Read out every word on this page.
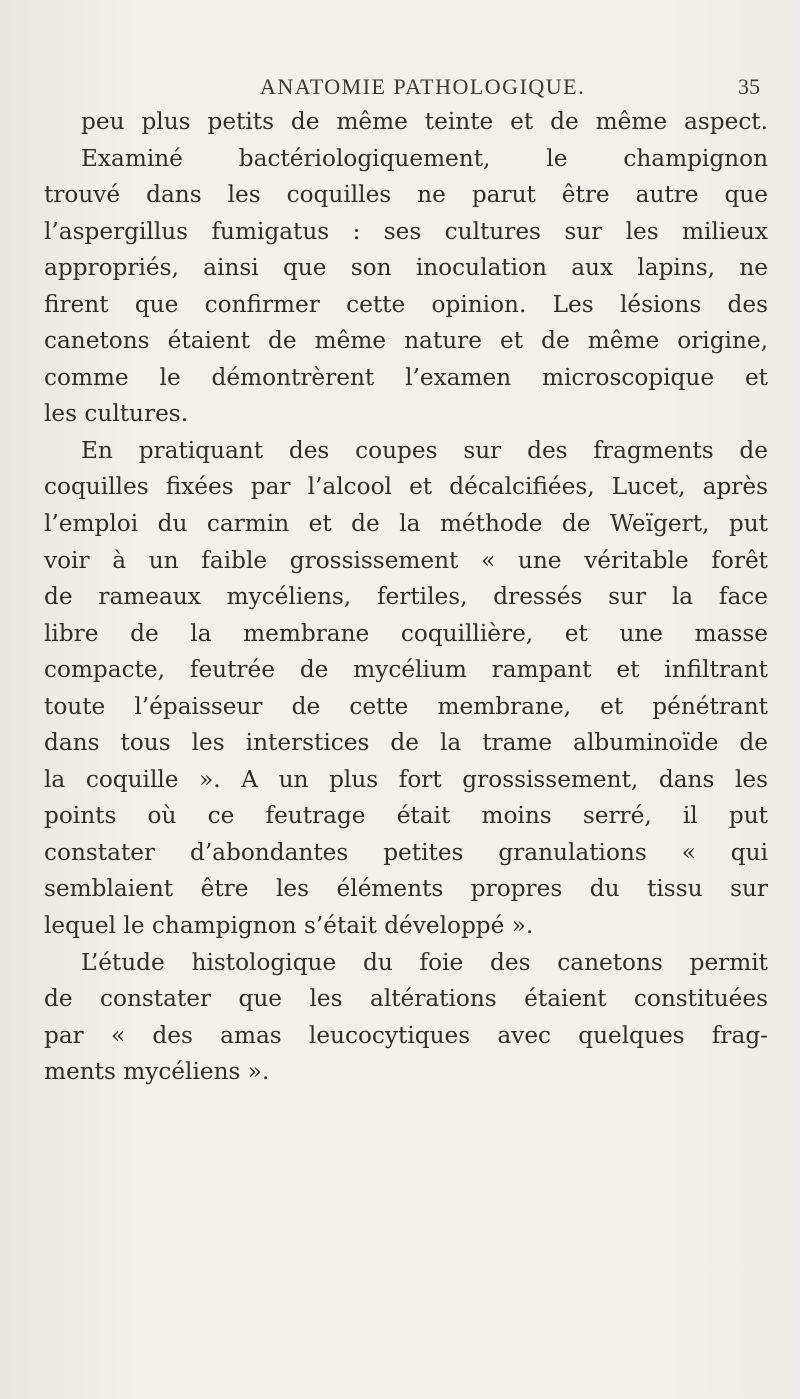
ANATOMIE PATHOLOGIQUE.	35
peu plus petits de même teinte et de même aspect.
Examiné bactériologiquement, le champignon
trouvé dans les coquilles ne parut être autre que
l’aspergillus fumigatus : ses cultures sur les milieux
appropriés, ainsi que son inoculation aux lapins, ne
firent que confirmer cette opinion. Les lésions des
canetons étaient de même nature et de même origine,
comme le démontrèrent l’examen microscopique et
les cultures.
En pratiquant des coupes sur des fragments de
coquilles fixées par l’alcool et décalcifiées, Lucet, après
l’emploi du carmin et de la méthode de Weïgert, put
voir à un faible grossissement « une véritable forêt
de rameaux mycéliens, fertiles, dressés sur la face
libre de la membrane coquillière, et une masse
compacte, feutrée de mycélium rampant et infiltrant
toute l’épaisseur de cette membrane, et pénétrant
dans tous les interstices de la trame albuminoïde de
la coquille ». A un plus fort grossissement, dans les
points où ce feutrage était moins serré, il put
constater d’abondantes petites granulations « qui
semblaient être les éléments propres du tissu sur
lequel le champignon s’était développé ».
L’étude histologique du foie des canetons permit
de constater que les altérations étaient constituées
par « des amas leucocytiques avec quelques frag-
ments mycéliens ».
